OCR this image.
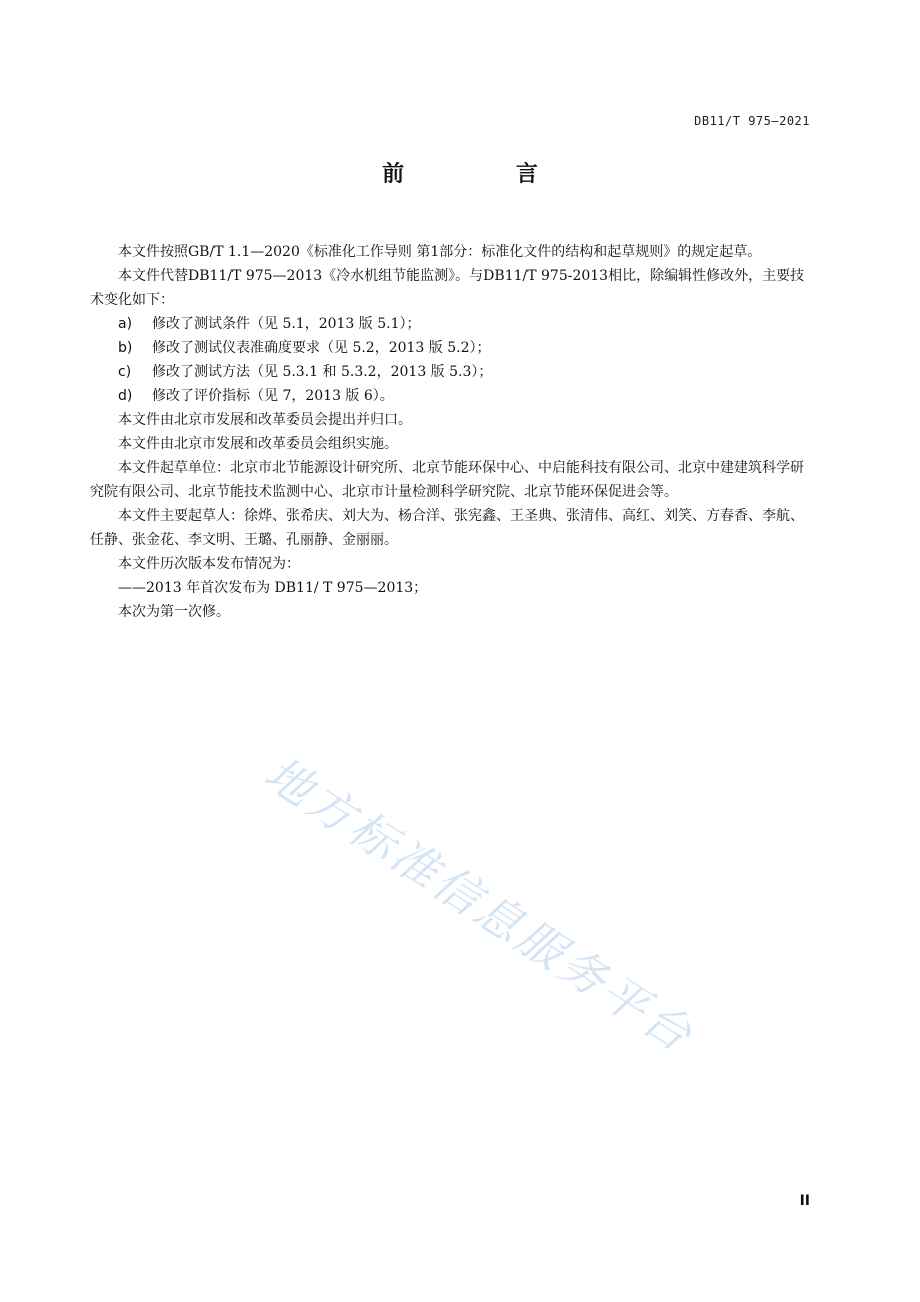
DB11/T 975—2021
前 言

本文件按照GB/T 1.1—2020《标准化工作导则 第1部分：标准化文件的结构和起草规则》的规定起草。

本文件代替DB11/T 975—2013《冷水机组节能监测》。与DB11/T 975-2013相比，除编辑性修改外，主要技术变化如下：

a) 修改了测试条件（见 5.1，2013 版 5.1）；

b) 修改了测试仪表准确度要求（见 5.2，2013 版 5.2）；

c) 修改了测试方法（见 5.3.1 和 5.3.2，2013 版 5.3）；

d) 修改了评价指标（见 7，2013 版 6）。

本文件由北京市发展和改革委员会提出并归口。

本文件由北京市发展和改革委员会组织实施。

本文件起草单位：北京市北节能源设计研究所、北京节能环保中心、中启能科技有限公司、北京中建建筑科学研究院有限公司、北京节能技术监测中心、北京市计量检测科学研究院、北京节能环保促进会等。

本文件主要起草人：徐烨、张希庆、刘大为、杨合洋、张宪鑫、王圣典、张清伟、高红、刘笑、方春香、李航、任静、张金花、李文明、王璐、孔丽静、金丽丽。

本文件历次版本发布情况为：

——2013 年首次发布为 DB11/ T 975—2013；

本次为第一次修。

地方标准信息服务平台
II
